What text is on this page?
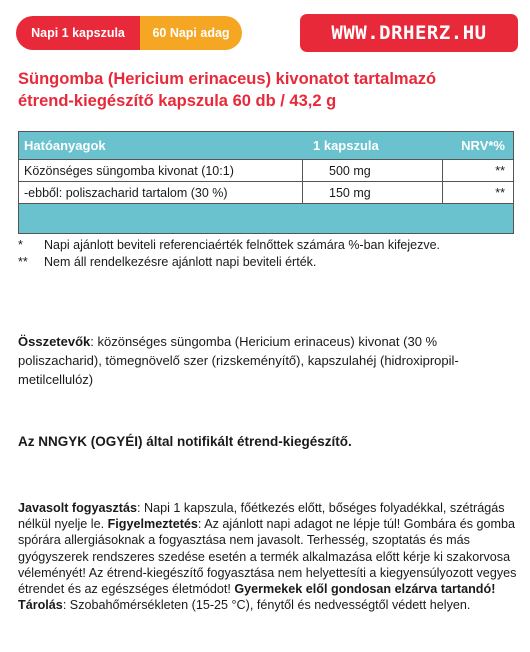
Napi 1 kapszula	60 Napi adag	WWW.DRHERZ.HU
Süngomba (Hericium erinaceus) kivonatot tartalmazó
étrend-kiegészítő kapszula 60 db / 43,2 g
Hatóanyagok	1 kapszula	NRV*%
Közönséges süngomba kivonat (10:1)	500 mg	**
-ebből: poliszacharid tartalom (30 %)	150 mg	**
* Napi ajánlott beviteli referenciaérték felnőttek számára %-ban kifejezve.
** Nem áll rendelkezésre ajánlott napi beviteli érték.
Összetevők: közönséges süngomba (Hericium erinaceus) kivonat (30 % poliszacharid), tömegnövelő szer (rizskeményítő), kapszulahéj (hidroxipropil-metilcellulóz)
Az NNGYK (OGYÉI) által notifikált étrend-kiegészítő.
Javasolt fogyasztás: Napi 1 kapszula, főétkezés előtt, bőséges folyadékkal, szétrágás nélkül nyelje le. Figyelmeztetés: Az ajánlott napi adagot ne lépje túl! Gombára és gomba spórára allergiásoknak a fogyasztása nem javasolt. Terhesség, szoptatás és más gyógyszerek rendszeres szedése esetén a termék alkalmazása előtt kérje ki szakorvosa véleményét! Az étrend-kiegészítő fogyasztása nem helyettesíti a kiegyensúlyozott vegyes étrendet és az egészséges életmódot! Gyermekek elől gondosan elzárva tartandó! Tárolás: Szobahőmérsékleten (15-25 °C), fénytől és nedvességtől védett helyen.
